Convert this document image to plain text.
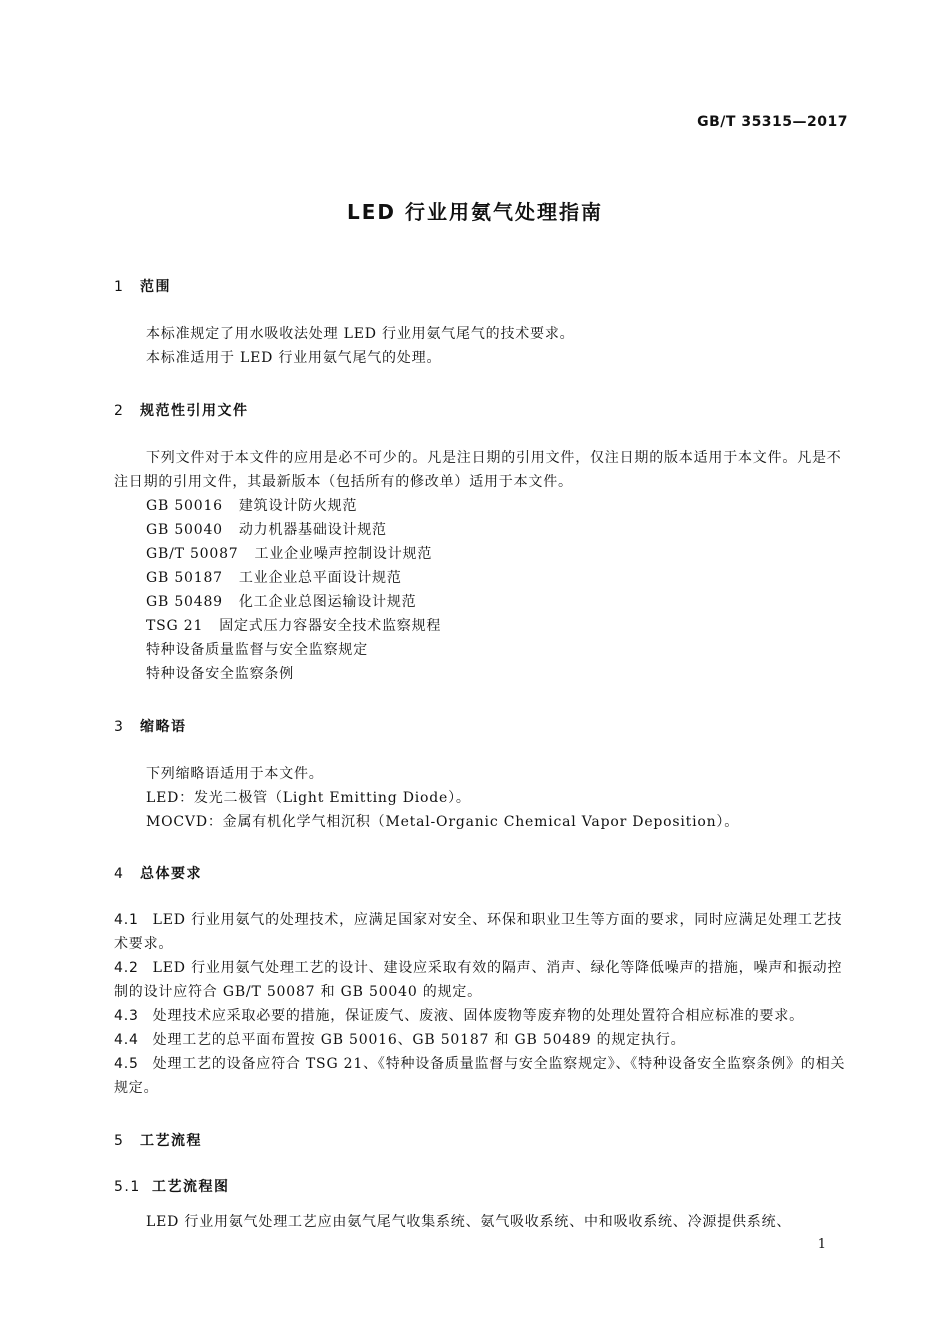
GB/T 35315—2017
LED 行业用氨气处理指南
1 范围
本标准规定了用水吸收法处理 LED 行业用氨气尾气的技术要求。
本标准适用于 LED 行业用氨气尾气的处理。
2 规范性引用文件
下列文件对于本文件的应用是必不可少的。凡是注日期的引用文件，仅注日期的版本适用于本文件。凡是不注日期的引用文件，其最新版本（包括所有的修改单）适用于本文件。
GB 50016 建筑设计防火规范
GB 50040 动力机器基础设计规范
GB/T 50087 工业企业噪声控制设计规范
GB 50187 工业企业总平面设计规范
GB 50489 化工企业总图运输设计规范
TSG 21 固定式压力容器安全技术监察规程
特种设备质量监督与安全监察规定
特种设备安全监察条例
3 缩略语
下列缩略语适用于本文件。
LED：发光二极管（Light Emitting Diode）。
MOCVD：金属有机化学气相沉积（Metal-Organic Chemical Vapor Deposition）。
4 总体要求
4.1 LED 行业用氨气的处理技术，应满足国家对安全、环保和职业卫生等方面的要求，同时应满足处理工艺技术要求。
4.2 LED 行业用氨气处理工艺的设计、建设应采取有效的隔声、消声、绿化等降低噪声的措施，噪声和振动控制的设计应符合 GB/T 50087 和 GB 50040 的规定。
4.3 处理技术应采取必要的措施，保证废气、废液、固体废物等废弃物的处理处置符合相应标准的要求。
4.4 处理工艺的总平面布置按 GB 50016、GB 50187 和 GB 50489 的规定执行。
4.5 处理工艺的设备应符合 TSG 21、《特种设备质量监督与安全监察规定》、《特种设备安全监察条例》的相关规定。
5 工艺流程
5.1 工艺流程图
LED 行业用氨气处理工艺应由氨气尾气收集系统、氨气吸收系统、中和吸收系统、冷源提供系统、
1
